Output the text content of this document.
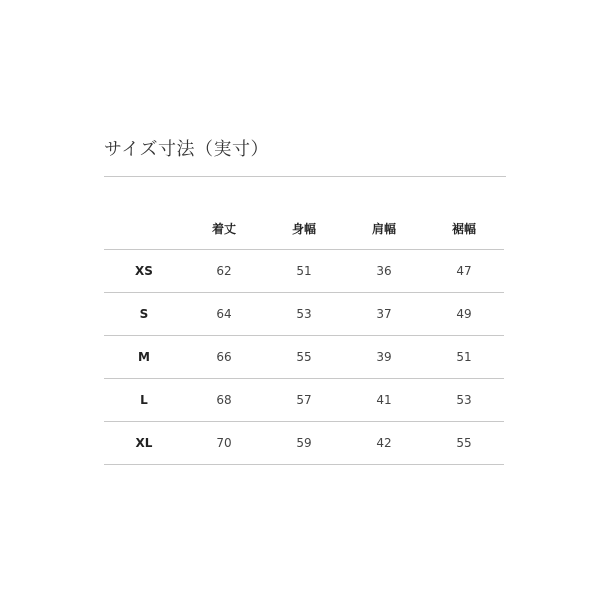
サイズ寸法（実寸）
	着丈	身幅	肩幅	裾幅
XS	62	51	36	47
S	64	53	37	49
M	66	55	39	51
L	68	57	41	53
XL	70	59	42	55
